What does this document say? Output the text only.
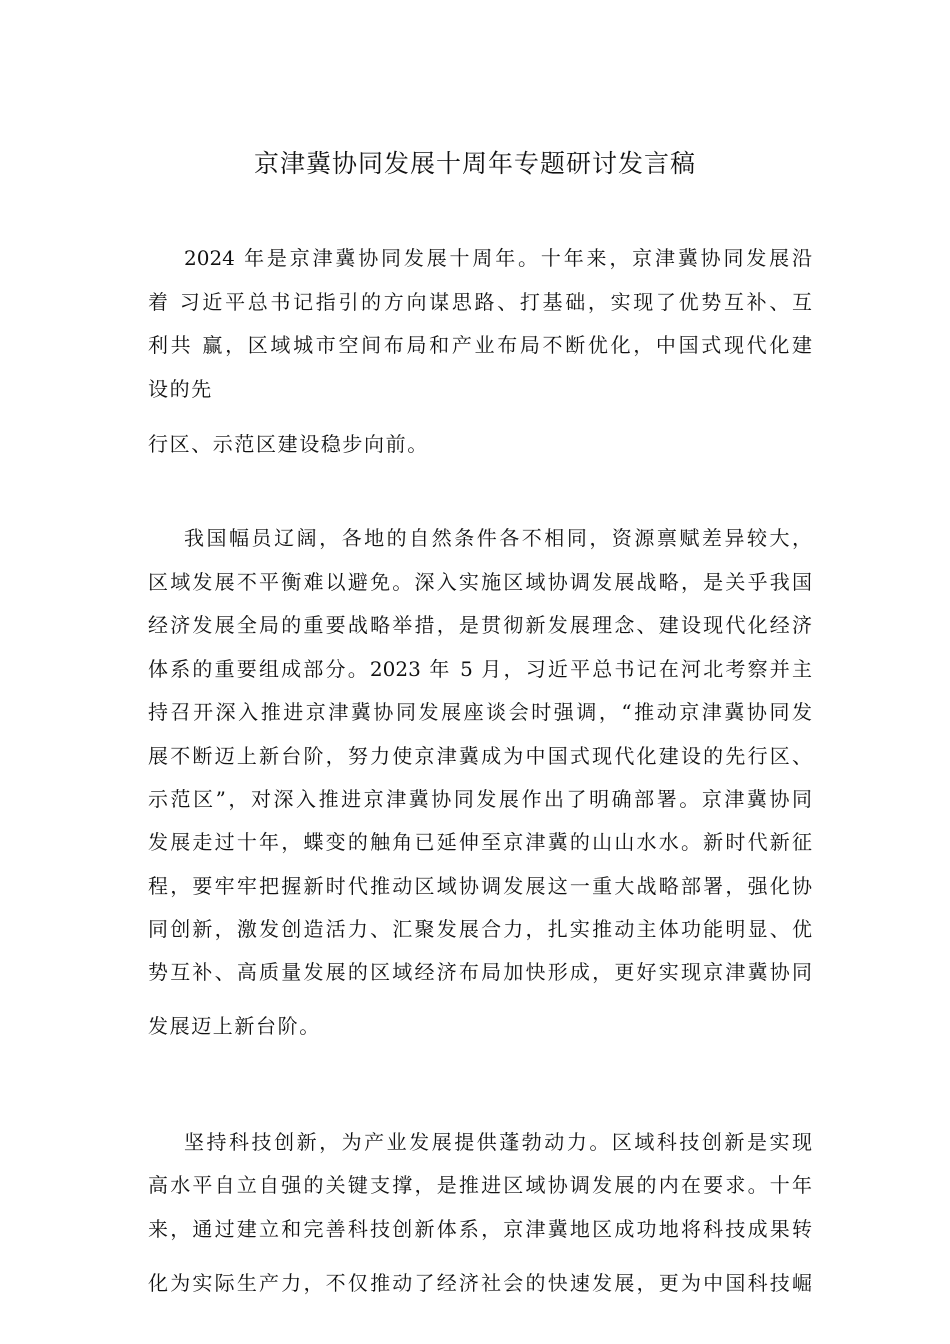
京津冀协同发展十周年专题研讨发言稿
2024 年是京津冀协同发展十周年。十年来，京津冀协同发展沿
着 习近平总书记指引的方向谋思路、打基础，实现了优势互补、互
利共 赢，区域城市空间布局和产业布局不断优化，中国式现代化建
设的先
行区、示范区建设稳步向前。
我国幅员辽阔，各地的自然条件各不相同，资源禀赋差异较大，
区域发展不平衡难以避免。深入实施区域协调发展战略，是关乎我国
经济发展全局的重要战略举措，是贯彻新发展理念、建设现代化经济
体系的重要组成部分。2023 年 5 月，习近平总书记在河北考察并主
持召开深入推进京津冀协同发展座谈会时强调，“推动京津冀协同发
展不断迈上新台阶，努力使京津冀成为中国式现代化建设的先行区、
示范区”，对深入推进京津冀协同发展作出了明确部署。京津冀协同
发展走过十年，蝶变的触角已延伸至京津冀的山山水水。新时代新征
程，要牢牢把握新时代推动区域协调发展这一重大战略部署，强化协
同创新，激发创造活力、汇聚发展合力，扎实推动主体功能明显、优
势互补、高质量发展的区域经济布局加快形成，更好实现京津冀协同
发展迈上新台阶。
坚持科技创新，为产业发展提供蓬勃动力。区域科技创新是实现
高水平自立自强的关键支撑，是推进区域协调发展的内在要求。十年
来，通过建立和完善科技创新体系，京津冀地区成功地将科技成果转
化为实际生产力，不仅推动了经济社会的快速发展，更为中国科技崛
